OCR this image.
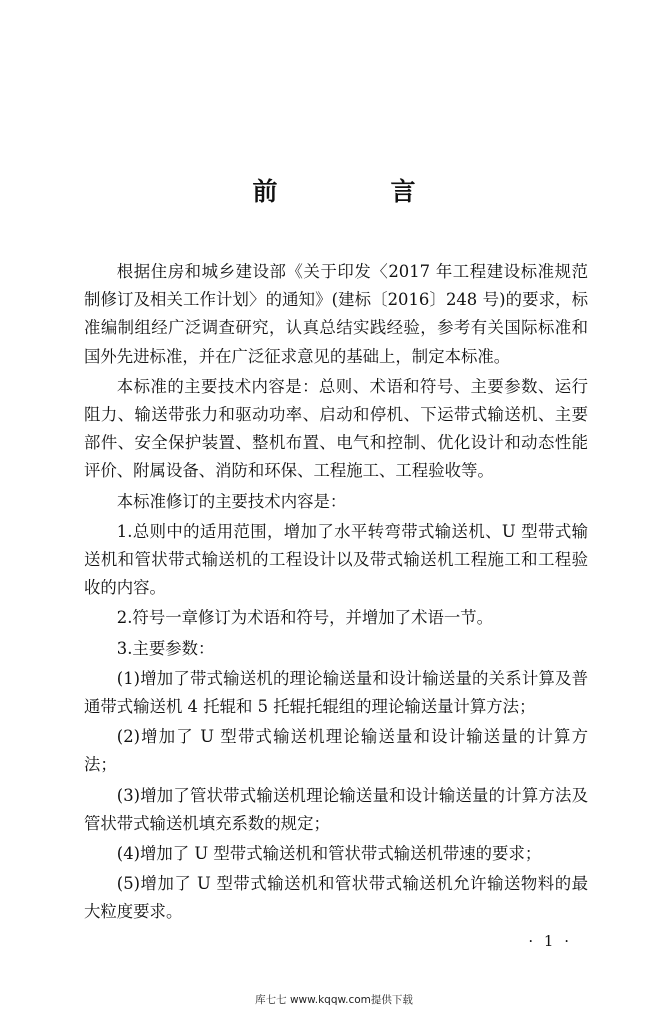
前　言

根据住房和城乡建设部《关于印发〈2017 年工程建设标准规范制修订及相关工作计划〉的通知》(建标〔2016〕248 号)的要求，标准编制组经广泛调查研究，认真总结实践经验，参考有关国际标准和国外先进标准，并在广泛征求意见的基础上，制定本标准。

本标准的主要技术内容是：总则、术语和符号、主要参数、运行阻力、输送带张力和驱动功率、启动和停机、下运带式输送机、主要部件、安全保护装置、整机布置、电气和控制、优化设计和动态性能评价、附属设备、消防和环保、工程施工、工程验收等。

本标准修订的主要技术内容是：

1.总则中的适用范围，增加了水平转弯带式输送机、U 型带式输送机和管状带式输送机的工程设计以及带式输送机工程施工和工程验收的内容。

2.符号一章修订为术语和符号，并增加了术语一节。

3.主要参数：

(1)增加了带式输送机的理论输送量和设计输送量的关系计算及普通带式输送机 4 托辊和 5 托辊托辊组的理论输送量计算方法；

(2)增加了 U 型带式输送机理论输送量和设计输送量的计算方法；

(3)增加了管状带式输送机理论输送量和设计输送量的计算方法及管状带式输送机填充系数的规定；

(4)增加了 U 型带式输送机和管状带式输送机带速的要求；

(5)增加了 U 型带式输送机和管状带式输送机允许输送物料的最大粒度要求。

· 1 ·
库七七 www.kqqw.com提供下载
